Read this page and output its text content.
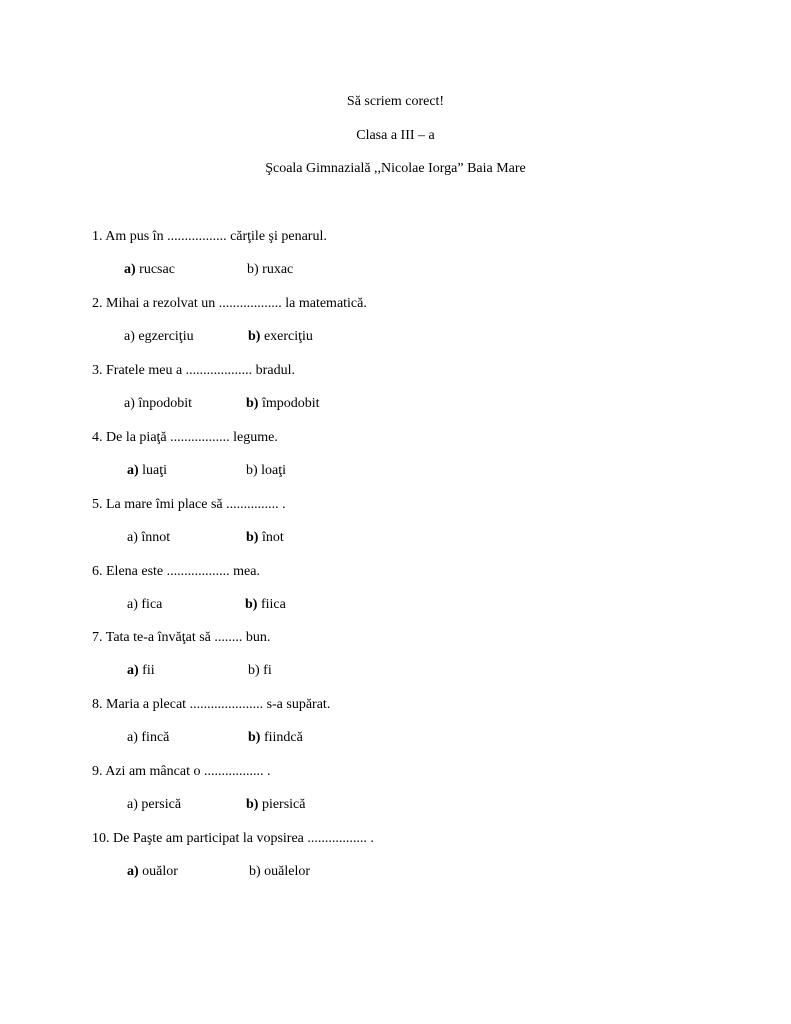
Să scriem corect!
Clasa a III – a
Şcoala Gimnazială ,,Nicolae Iorga” Baia Mare
1. Am pus în ................. cărţile şi penarul.
a) rucsac	b) ruxac
2. Mihai a rezolvat un .................. la matematică.
a) egzerciţiu	b) exerciţiu
3. Fratele meu a ................... bradul.
a) înpodobit	b) împodobit
4. De la piaţă ................. legume.
a) luaţi	b) loaţi
5. La mare îmi place să ............... .
a) înnot	b) înot
6. Elena este .................. mea.
a) fica	b) fiica
7. Tata te-a învăţat să ........ bun.
a) fii	b) fi
8. Maria a plecat ..................... s-a supărat.
a) fincă	b) fiindcă
9. Azi am mâncat o ................. .
a) persică	b) piersică
10. De Paşte am participat la vopsirea ................. .
a) ouălor	b) ouălelor
